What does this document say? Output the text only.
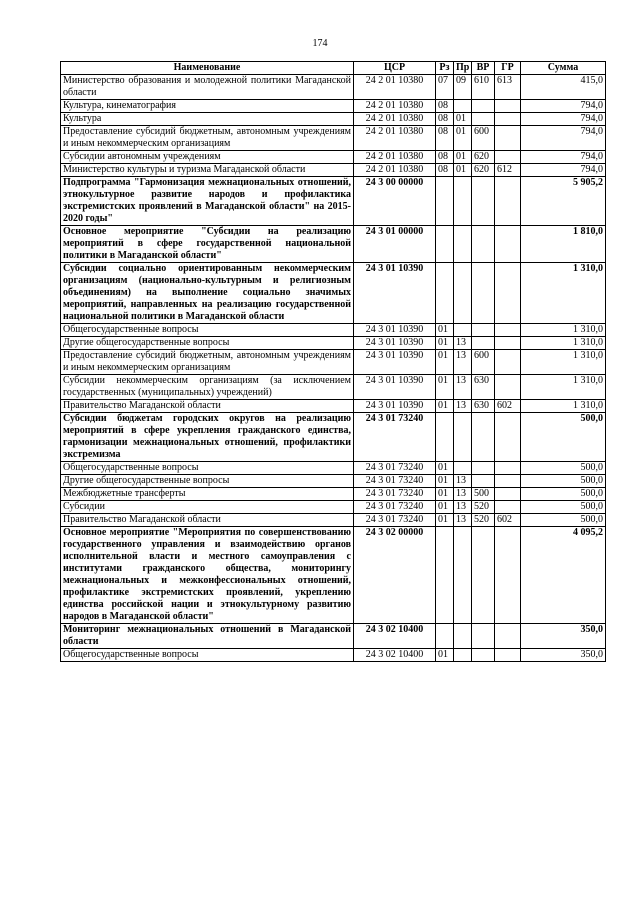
174
Наименование	ЦСР	Рз	Пр	ВР	ГР	Сумма
Министерство образования и молодежной политики Магаданской области	24 2 01 10380	07	09	610	613	415,0
Культура, кинематография	24 2 01 10380	08				794,0
Культура	24 2 01 10380	08	01			794,0
Предоставление субсидий бюджетным, автономным учреждениям и иным некоммерческим организациям	24 2 01 10380	08	01	600		794,0
Субсидии автономным учреждениям	24 2 01 10380	08	01	620		794,0
Министерство культуры и туризма Магаданской области	24 2 01 10380	08	01	620	612	794,0
Подпрограмма "Гармонизация межнациональных отношений, этнокультурное развитие народов и профилактика экстремистских проявлений в Магаданской области" на 2015-2020 годы"	24 3 00 00000					5 905,2
Основное мероприятие "Субсидии на реализацию мероприятий в сфере государственной национальной политики в Магаданской области"	24 3 01 00000					1 810,0
Субсидии социально ориентированным некоммерческим организациям (национально-культурным и религиозным объединениям) на выполнение социально значимых мероприятий, направленных на реализацию государственной национальной политики в Магаданской области	24 3 01 10390					1 310,0
Общегосударственные вопросы	24 3 01 10390	01				1 310,0
Другие общегосударственные вопросы	24 3 01 10390	01	13			1 310,0
Предоставление субсидий бюджетным, автономным учреждениям и иным некоммерческим организациям	24 3 01 10390	01	13	600		1 310,0
Субсидии некоммерческим организациям (за исключением государственных (муниципальных) учреждений)	24 3 01 10390	01	13	630		1 310,0
Правительство Магаданской области	24 3 01 10390	01	13	630	602	1 310,0
Субсидии бюджетам городских округов на реализацию мероприятий в сфере укрепления гражданского единства, гармонизации межнациональных отношений, профилактики экстремизма	24 3 01 73240					500,0
Общегосударственные вопросы	24 3 01 73240	01				500,0
Другие общегосударственные вопросы	24 3 01 73240	01	13			500,0
Межбюджетные трансферты	24 3 01 73240	01	13	500		500,0
Субсидии	24 3 01 73240	01	13	520		500,0
Правительство Магаданской области	24 3 01 73240	01	13	520	602	500,0
Основное мероприятие "Мероприятия по совершенствованию государственного управления и взаимодействию органов исполнительной власти и местного самоуправления с институтами гражданского общества, мониторингу межнациональных и межконфессиональных отношений, профилактике экстремистских проявлений, укреплению единства российской нации и этнокультурному развитию народов в Магаданской области"	24 3 02 00000					4 095,2
Мониторинг межнациональных отношений в Магаданской области	24 3 02 10400					350,0
Общегосударственные вопросы	24 3 02 10400	01				350,0
